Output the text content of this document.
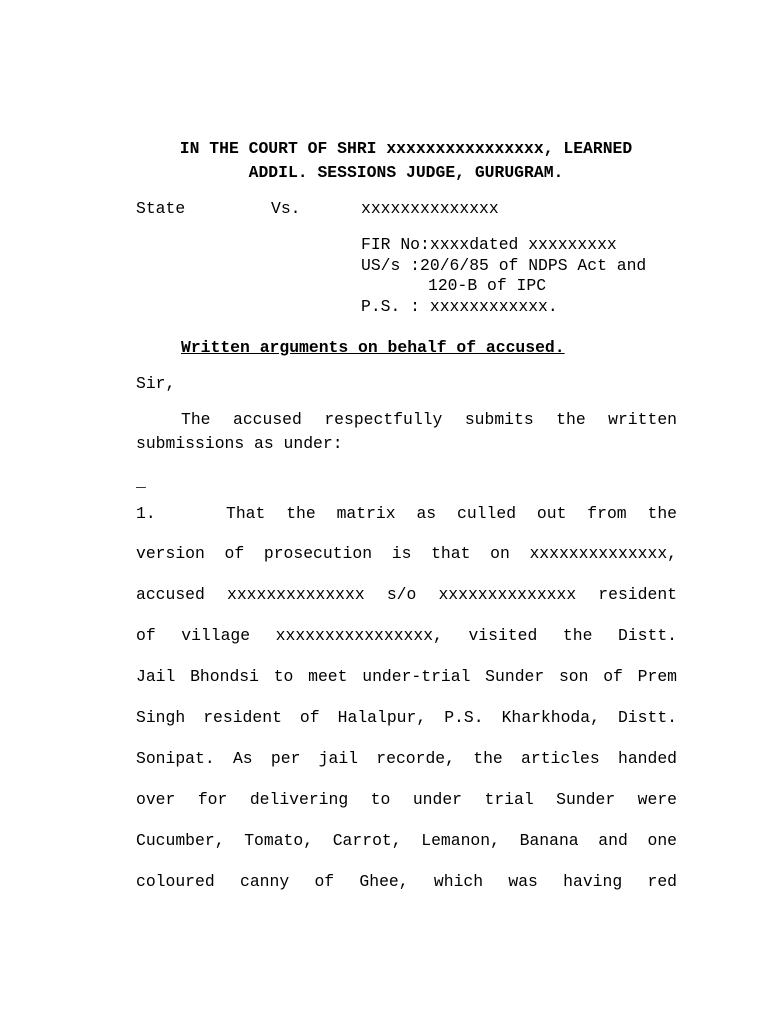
IN THE COURT OF SHRI xxxxxxxxxxxxxxxx, LEARNED
ADDIL. SESSIONS JUDGE, GURUGRAM.
State	Vs.	xxxxxxxxxxxxxx
FIR No:xxxxdated xxxxxxxxx
US/s :20/6/85 of NDPS Act and
120-B of IPC
P.S. : xxxxxxxxxxxx.
Written arguments on behalf of accused.
Sir,
The accused respectfully submits the written
submissions as under:
_
1.	That the matrix as culled out from the
version of prosecution is that on xxxxxxxxxxxxxx,
accused xxxxxxxxxxxxxx s/o xxxxxxxxxxxxxx resident
of village xxxxxxxxxxxxxxxx, visited the Distt.
Jail Bhondsi to meet under-trial Sunder son of Prem
Singh resident of Halalpur, P.S. Kharkhoda, Distt.
Sonipat. As per jail recorde, the articles handed
over for delivering to under trial Sunder were
Cucumber, Tomato, Carrot, Lemanon, Banana and one
coloured canny of Ghee, which was having red
